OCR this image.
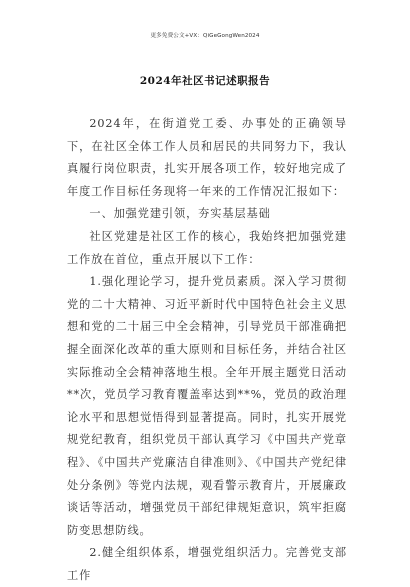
更多免费公文+VX：QiGeGongWen2024
2024年社区书记述职报告

2024年，在街道党工委、办事处的正确领导下，在社区全体工作人员和居民的共同努力下，我认真履行岗位职责，扎实开展各项工作，较好地完成了年度工作目标任务现将一年来的工作情况汇报如下：

一、加强党建引领，夯实基层基础

社区党建是社区工作的核心，我始终把加强党建工作放在首位，重点开展以下工作：

1.强化理论学习，提升党员素质。深入学习贯彻党的二十大精神、习近平新时代中国特色社会主义思想和党的二十届三中全会精神，引导党员干部准确把握全面深化改革的重大原则和目标任务，并结合社区实际推动全会精神落地生根。全年开展主题党日活动**次，党员学习教育覆盖率达到**%，党员的政治理论水平和思想觉悟得到显著提高。同时，扎实开展党规党纪教育，组织党员干部认真学习《中国共产党章程》、《中国共产党廉洁自律准则》、《中国共产党纪律处分条例》等党内法规，观看警示教育片，开展廉政谈话等活动，增强党员干部纪律规矩意识，筑牢拒腐防变思想防线。

2.健全组织体系，增强党组织活力。完善党支部工作
